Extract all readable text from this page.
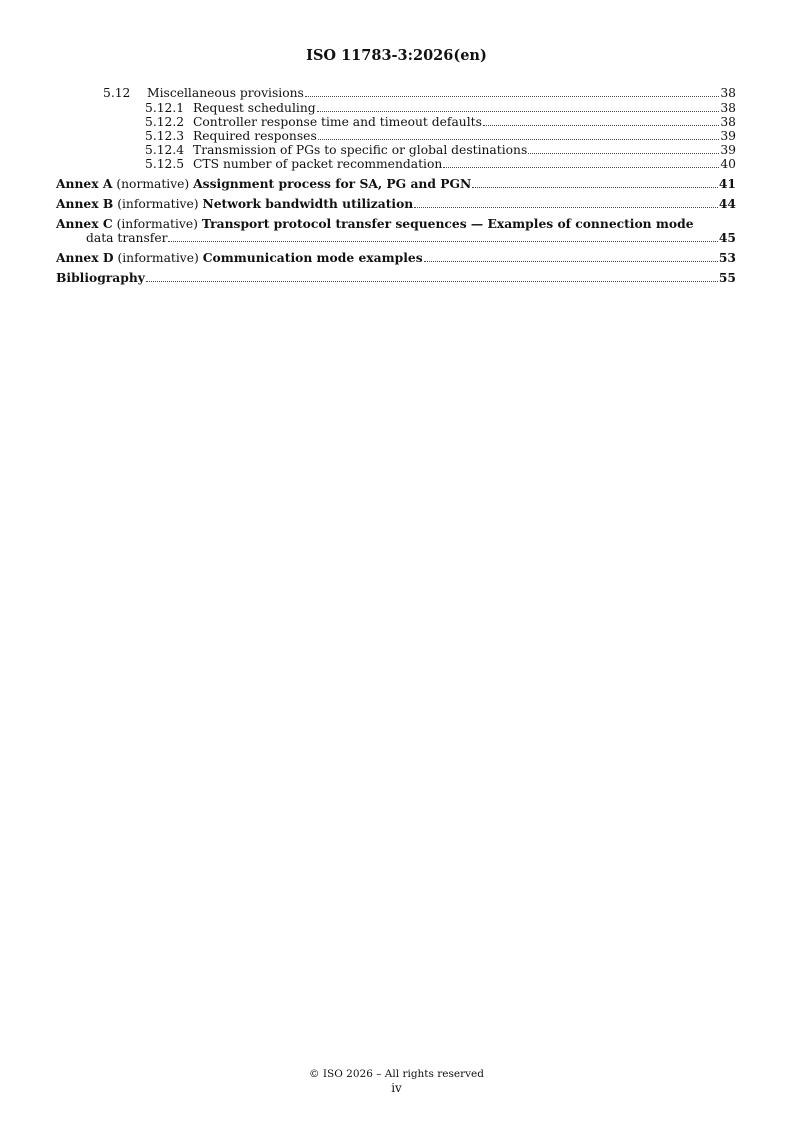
ISO 11783-3:2026(en)
5.12	Miscellaneous provisions	38
5.12.1 Request scheduling	38
5.12.2 Controller response time and timeout defaults	38
5.12.3 Required responses	39
5.12.4 Transmission of PGs to specific or global destinations	39
5.12.5 CTS number of packet recommendation	40
Annex A (normative) Assignment process for SA, PG and PGN	41
Annex B (informative) Network bandwidth utilization	44
Annex C (informative) Transport protocol transfer sequences — Examples of connection mode
data transfer	45
Annex D (informative) Communication mode examples	53
Bibliography	55
© ISO 2026 – All rights reserved
iv
